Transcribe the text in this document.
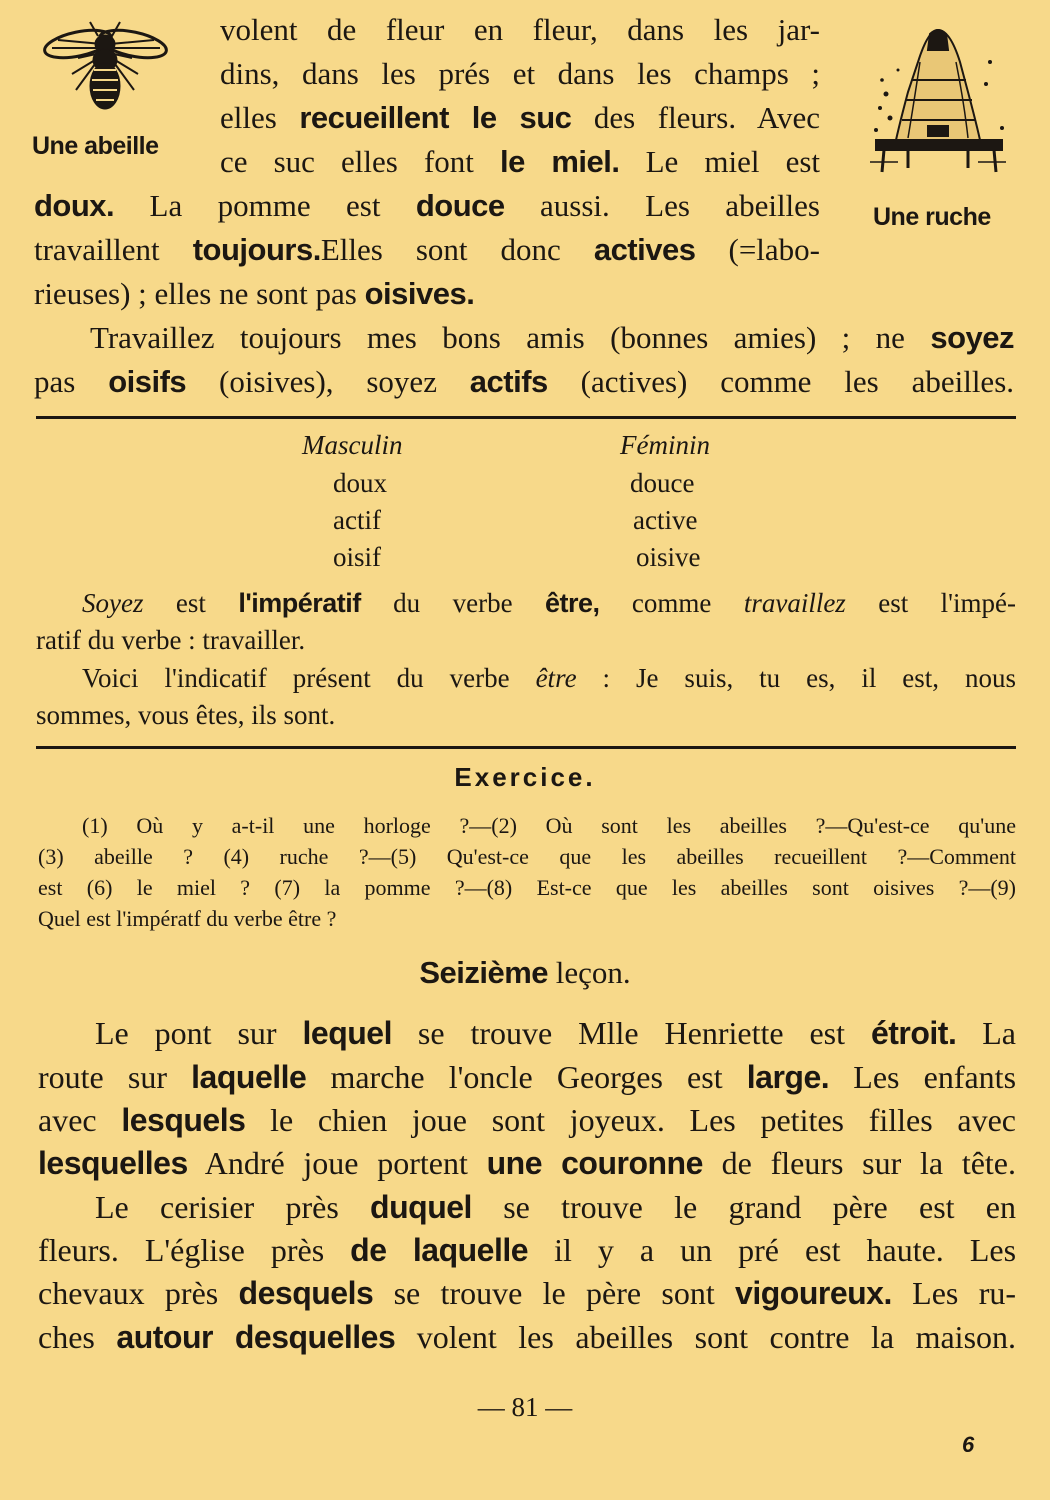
Une abeille
Une ruche
volent de fleur en fleur, dans les jar-
dins, dans les prés et dans les champs ;
elles recueillent le suc des fleurs. Avec
ce suc elles font le miel. Le miel est
doux. La pomme est douce aussi. Les abeilles
travaillent toujours.Elles sont donc actives (=labo-
rieuses) ; elles ne sont pas oisives.
Travaillez toujours mes bons amis (bonnes amies) ; ne soyez
pas oisifs (oisives), soyez actifs (actives) comme les abeilles.
Masculin	Féminin
doux
actif
oisif
douce
active
oisive
Soyez est l'impératif du verbe être, comme travaillez est l'impé-
ratif du verbe : travailler.
Voici l'indicatif présent du verbe être : Je suis, tu es, il est, nous
sommes, vous êtes, ils sont.
Exercice.
(1) Où y a-t-il une horloge ?—(2) Où sont les abeilles ?—Qu'est-ce qu'une
(3) abeille ? (4) ruche ?—(5) Qu'est-ce que les abeilles recueillent ?—Comment
est (6) le miel ? (7) la pomme ?—(8) Est-ce que les abeilles sont oisives ?—(9)
Quel est l'impératf du verbe être ?
Seizième leçon.
Le pont sur lequel se trouve Mlle Henriette est étroit. La
route sur laquelle marche l'oncle Georges est large. Les enfants
avec lesquels le chien joue sont joyeux. Les petites filles avec
lesquelles André joue portent une couronne de fleurs sur la tête.
Le cerisier près duquel se trouve le grand père est en
fleurs. L'église près de laquelle il y a un pré est haute. Les
chevaux près desquels se trouve le père sont vigoureux. Les ru-
ches autour desquelles volent les abeilles sont contre la maison.
— 81 —
6
